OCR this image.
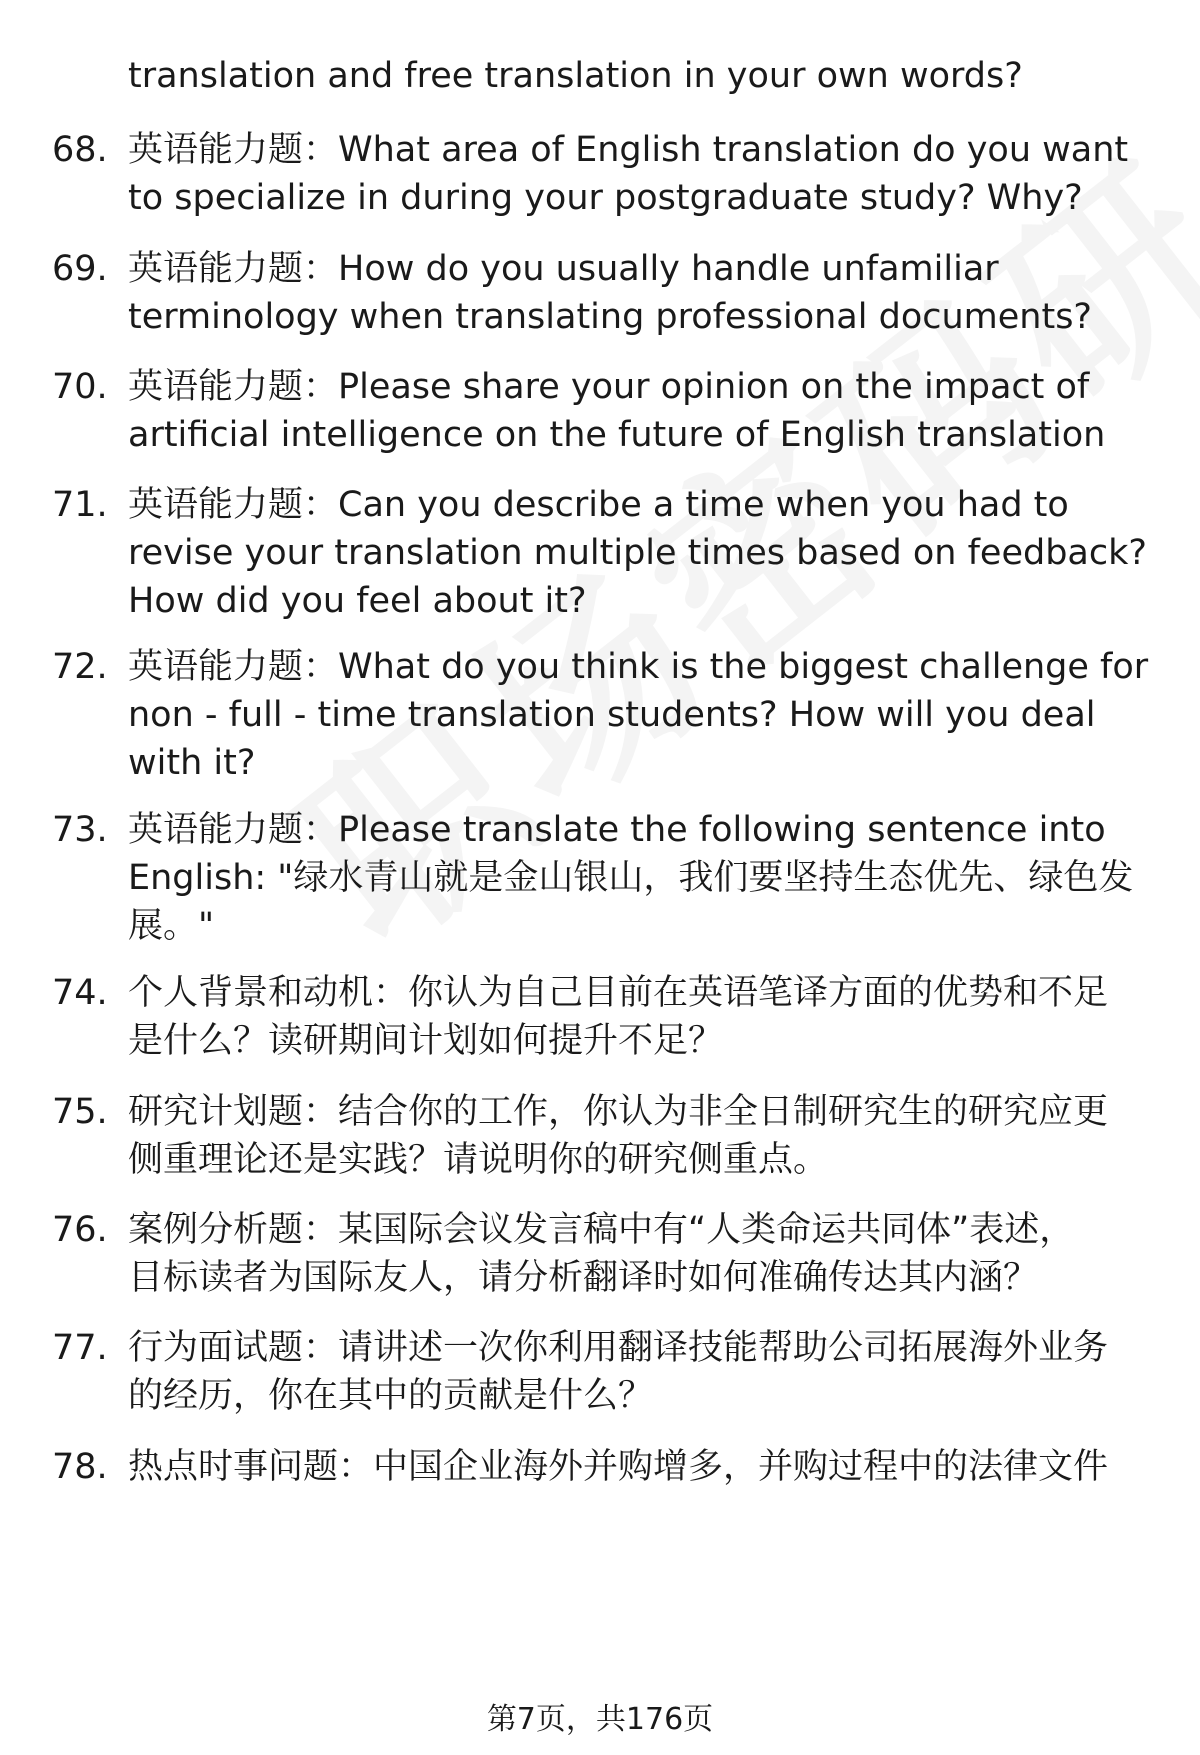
translation and free translation in your own words?
68. 英语能力题：What area of English translation do you want
to specialize in during your postgraduate study? Why?
69. 英语能力题：How do you usually handle unfamiliar
terminology when translating professional documents?
70. 英语能力题：Please share your opinion on the impact of
artificial intelligence on the future of English translation
71. 英语能力题：Can you describe a time when you had to
revise your translation multiple times based on feedback?
How did you feel about it?
72. 英语能力题：What do you think is the biggest challenge for
non - full - time translation students? How will you deal
with it?
73. 英语能力题：Please translate the following sentence into
English: "绿水青山就是金山银山，我们要坚持生态优先、绿色发
展。"
74. 个人背景和动机：你认为自己目前在英语笔译方面的优势和不足
是什么？读研期间计划如何提升不足？
75. 研究计划题：结合你的工作，你认为非全日制研究生的研究应更
侧重理论还是实践？请说明你的研究侧重点。
76. 案例分析题：某国际会议发言稿中有“人类命运共同体”表述，
目标读者为国际友人，请分析翻译时如何准确传达其内涵？
77. 行为面试题：请讲述一次你利用翻译技能帮助公司拓展海外业务
的经历，你在其中的贡献是什么？
78. 热点时事问题：中国企业海外并购增多，并购过程中的法律文件
第7页，共176页
